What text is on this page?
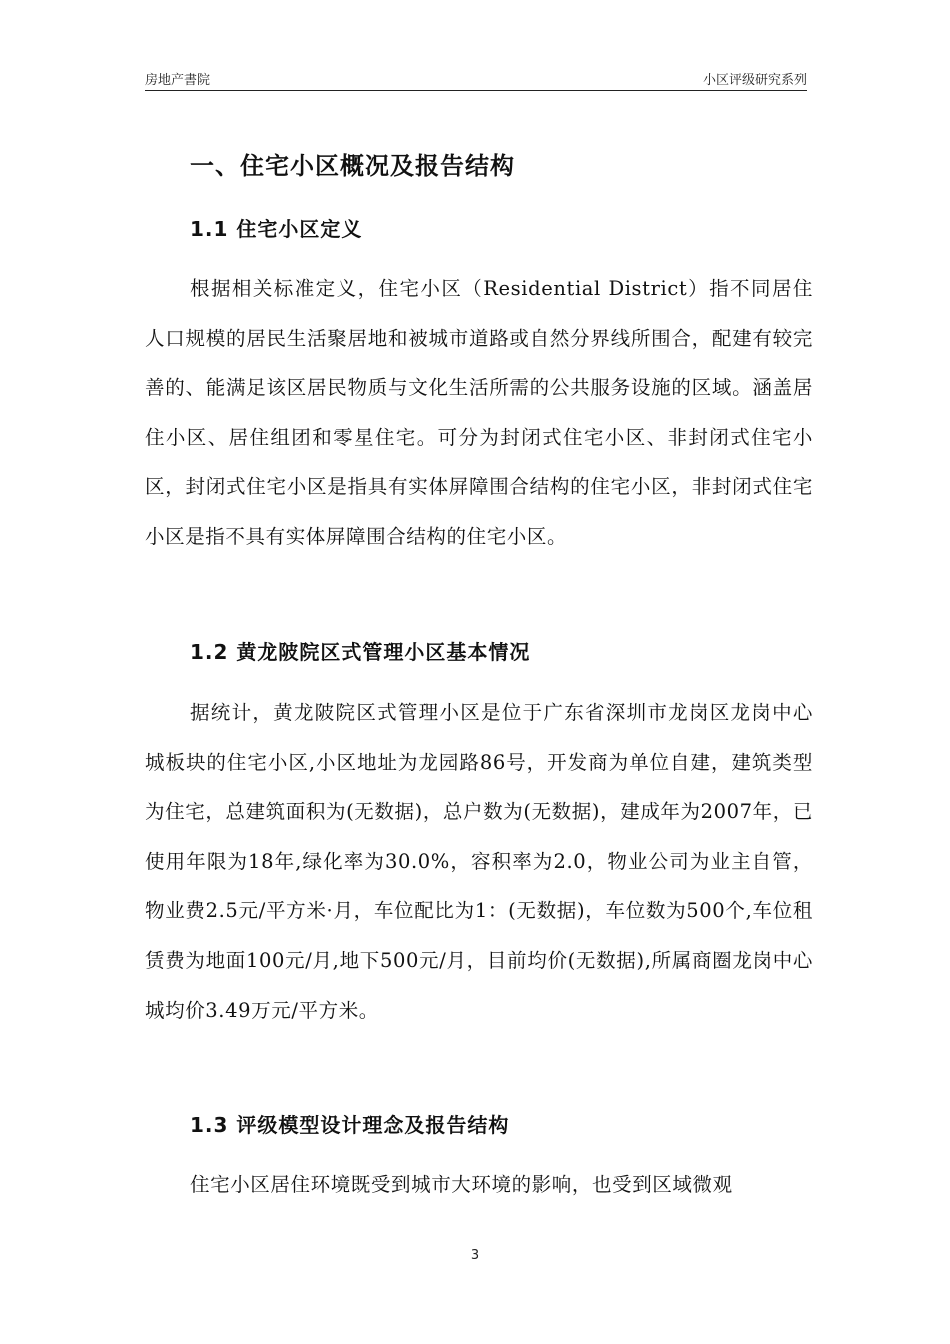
房地产書院	小区评级研究系列
一、住宅小区概况及报告结构
1.1 住宅小区定义

根据相关标准定义，住宅小区（Residential District）指不同居住人口规模的居民生活聚居地和被城市道路或自然分界线所围合，配建有较完善的、能满足该区居民物质与文化生活所需的公共服务设施的区域。涵盖居住小区、居住组团和零星住宅。可分为封闭式住宅小区、非封闭式住宅小区，封闭式住宅小区是指具有实体屏障围合结构的住宅小区，非封闭式住宅小区是指不具有实体屏障围合结构的住宅小区。

1.2 黄龙陂院区式管理小区基本情况

据统计，黄龙陂院区式管理小区是位于广东省深圳市龙岗区龙岗中心城板块的住宅小区,小区地址为龙园路86号，开发商为单位自建，建筑类型为住宅，总建筑面积为(无数据)，总户数为(无数据)，建成年为2007年，已使用年限为18年,绿化率为30.0%，容积率为2.0，物业公司为业主自管，物业费2.5元/平方米·月，车位配比为1：(无数据)，车位数为500个,车位租赁费为地面100元/月,地下500元/月，目前均价(无数据),所属商圈龙岗中心城均价3.49万元/平方米。

1.3 评级模型设计理念及报告结构

住宅小区居住环境既受到城市大环境的影响，也受到区域微观

3
